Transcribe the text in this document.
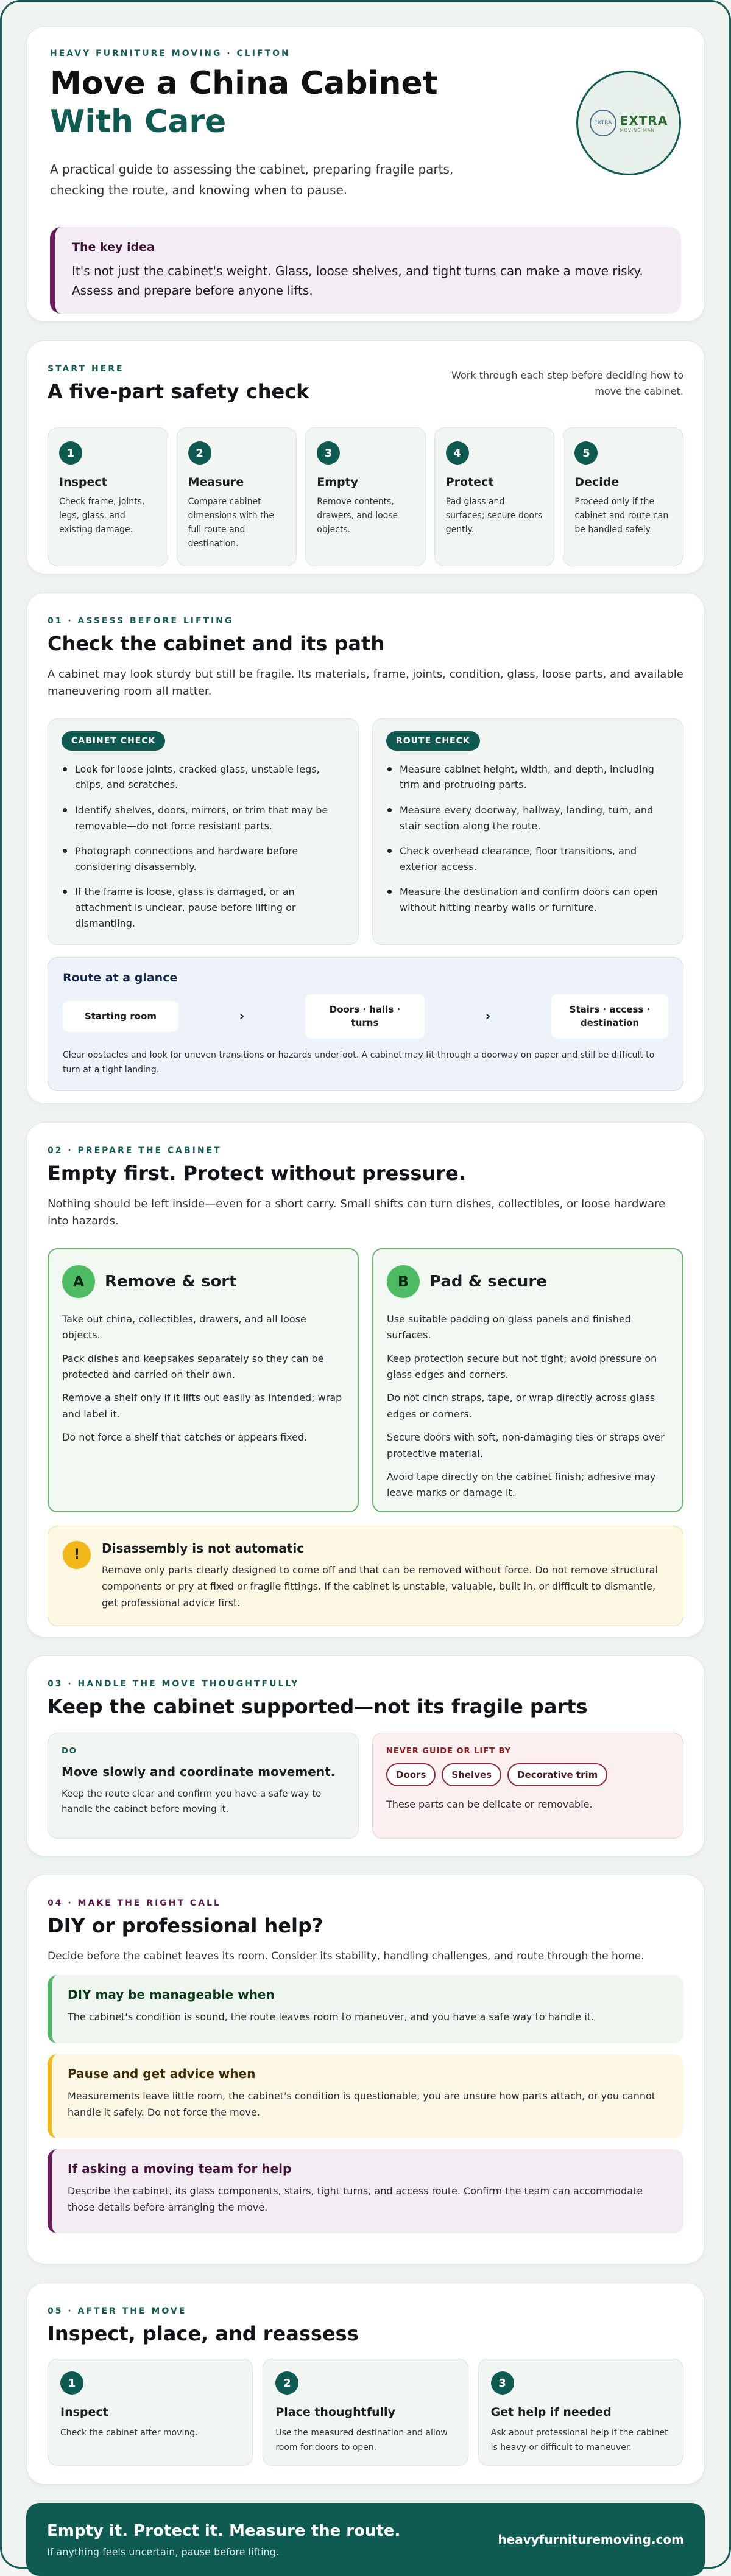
HEAVY FURNITURE MOVING · CLIFTON
Move a China Cabinet
With Care

A practical guide to assessing the cabinet, preparing fragile parts, checking the route, and knowing when to pause.

EXTRA EXTRA
MOVING MAN
The key idea

It's not just the cabinet's weight. Glass, loose shelves, and tight turns can make a move risky. Assess and prepare before anyone lifts.

START HERE
A five-part safety check
Work through each step before deciding how to move the cabinet.
1
Inspect

Check frame, joints, legs, glass, and existing damage.

2
Measure

Compare cabinet dimensions with the full route and destination.

3
Empty

Remove contents, drawers, and loose objects.

4
Protect

Pad glass and surfaces; secure doors gently.

5
Decide

Proceed only if the cabinet and route can be handled safely.

01 · ASSESS BEFORE LIFTING
Check the cabinet and its path

A cabinet may look sturdy but still be fragile. Its materials, frame, joints, condition, glass, loose parts, and available maneuvering room all matter.

CABINET CHECK
Look for loose joints, cracked glass, unstable legs, chips, and scratches.
Identify shelves, doors, mirrors, or trim that may be removable—do not force resistant parts.
Photograph connections and hardware before considering disassembly.
If the frame is loose, glass is damaged, or an attachment is unclear, pause before lifting or dismantling.
ROUTE CHECK
Measure cabinet height, width, and depth, including trim and protruding parts.
Measure every doorway, hallway, landing, turn, and stair section along the route.
Check overhead clearance, floor transitions, and exterior access.
Measure the destination and confirm doors can open without hitting nearby walls or furniture.
Route at a glance
Starting room	›	Doors · halls · turns	›	Stairs · access · destination

Clear obstacles and look for uneven transitions or hazards underfoot. A cabinet may fit through a doorway on paper and still be difficult to turn at a tight landing.

02 · PREPARE THE CABINET
Empty first. Protect without pressure.

Nothing should be left inside—even for a short carry. Small shifts can turn dishes, collectibles, or loose hardware into hazards.

A	Remove & sort

Take out china, collectibles, drawers, and all loose objects.

Pack dishes and keepsakes separately so they can be protected and carried on their own.

Remove a shelf only if it lifts out easily as intended; wrap and label it.

Do not force a shelf that catches or appears fixed.

B	Pad & secure

Use suitable padding on glass panels and finished surfaces.

Keep protection secure but not tight; avoid pressure on glass edges and corners.

Do not cinch straps, tape, or wrap directly across glass edges or corners.

Secure doors with soft, non-damaging ties or straps over protective material.

Avoid tape directly on the cabinet finish; adhesive may leave marks or damage it.

!	Disassembly is not automatic

Remove only parts clearly designed to come off and that can be removed without force. Do not remove structural components or pry at fixed or fragile fittings. If the cabinet is unstable, valuable, built in, or difficult to dismantle, get professional advice first.

03 · HANDLE THE MOVE THOUGHTFULLY
Keep the cabinet supported—not its fragile parts
DO
Move slowly and coordinate movement.

Keep the route clear and confirm you have a safe way to handle the cabinet before moving it.

NEVER GUIDE OR LIFT BY
Doors	Shelves	Decorative trim

These parts can be delicate or removable.

04 · MAKE THE RIGHT CALL
DIY or professional help?

Decide before the cabinet leaves its room. Consider its stability, handling challenges, and route through the home.

DIY may be manageable when

The cabinet's condition is sound, the route leaves room to maneuver, and you have a safe way to handle it.

Pause and get advice when

Measurements leave little room, the cabinet's condition is questionable, you are unsure how parts attach, or you cannot handle it safely. Do not force the move.

If asking a moving team for help

Describe the cabinet, its glass components, stairs, tight turns, and access route. Confirm the team can accommodate those details before arranging the move.

05 · AFTER THE MOVE
Inspect, place, and reassess
1
Inspect

Check the cabinet after moving.

2
Place thoughtfully

Use the measured destination and allow room for doors to open.

3
Get help if needed

Ask about professional help if the cabinet is heavy or difficult to maneuver.

Empty it. Protect it. Measure the route.

If anything feels uncertain, pause before lifting.

heavyfurnituremoving.com
